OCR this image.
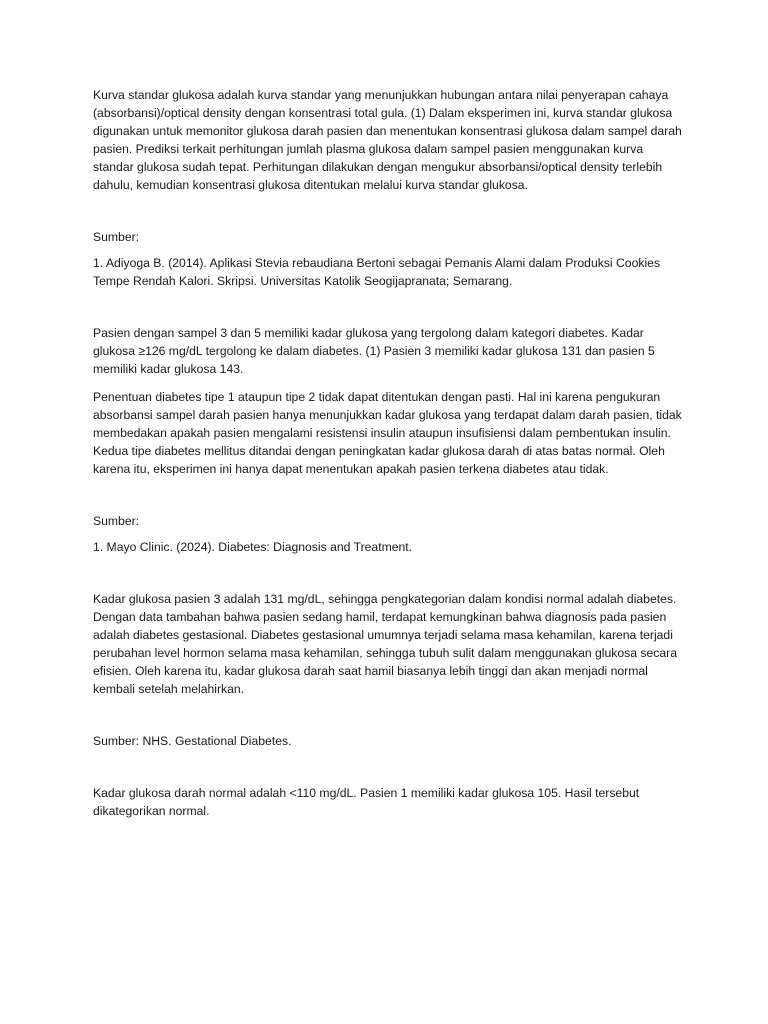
Kurva standar glukosa adalah kurva standar yang menunjukkan hubungan antara nilai penyerapan cahaya (absorbansi)/optical density dengan konsentrasi total gula. (1) Dalam eksperimen ini, kurva standar glukosa digunakan untuk memonitor glukosa darah pasien dan menentukan konsentrasi glukosa dalam sampel darah pasien. Prediksi terkait perhitungan jumlah plasma glukosa dalam sampel pasien menggunakan kurva standar glukosa sudah tepat. Perhitungan dilakukan dengan mengukur absorbansi/optical density terlebih dahulu, kemudian konsentrasi glukosa ditentukan melalui kurva standar glukosa.

Sumber:

1. Adiyoga B. (2014). Aplikasi Stevia rebaudiana Bertoni sebagai Pemanis Alami dalam Produksi Cookies Tempe Rendah Kalori. Skripsi. Universitas Katolik Seogijapranata; Semarang.

Pasien dengan sampel 3 dan 5 memiliki kadar glukosa yang tergolong dalam kategori diabetes. Kadar glukosa ≥126 mg/dL tergolong ke dalam diabetes. (1) Pasien 3 memiliki kadar glukosa 131 dan pasien 5 memiliki kadar glukosa 143.

Penentuan diabetes tipe 1 ataupun tipe 2 tidak dapat ditentukan dengan pasti. Hal ini karena pengukuran absorbansi sampel darah pasien hanya menunjukkan kadar glukosa yang terdapat dalam darah pasien, tidak membedakan apakah pasien mengalami resistensi insulin ataupun insufisiensi dalam pembentukan insulin. Kedua tipe diabetes mellitus ditandai dengan peningkatan kadar glukosa darah di atas batas normal. Oleh karena itu, eksperimen ini hanya dapat menentukan apakah pasien terkena diabetes atau tidak.

Sumber:

1. Mayo Clinic. (2024). Diabetes: Diagnosis and Treatment.

Kadar glukosa pasien 3 adalah 131 mg/dL, sehingga pengkategorian dalam kondisi normal adalah diabetes. Dengan data tambahan bahwa pasien sedang hamil, terdapat kemungkinan bahwa diagnosis pada pasien adalah diabetes gestasional. Diabetes gestasional umumnya terjadi selama masa kehamilan, karena terjadi perubahan level hormon selama masa kehamilan, sehingga tubuh sulit dalam menggunakan glukosa secara efisien. Oleh karena itu, kadar glukosa darah saat hamil biasanya lebih tinggi dan akan menjadi normal kembali setelah melahirkan.

Sumber: NHS. Gestational Diabetes.

Kadar glukosa darah normal adalah <110 mg/dL. Pasien 1 memiliki kadar glukosa 105. Hasil tersebut dikategorikan normal.
